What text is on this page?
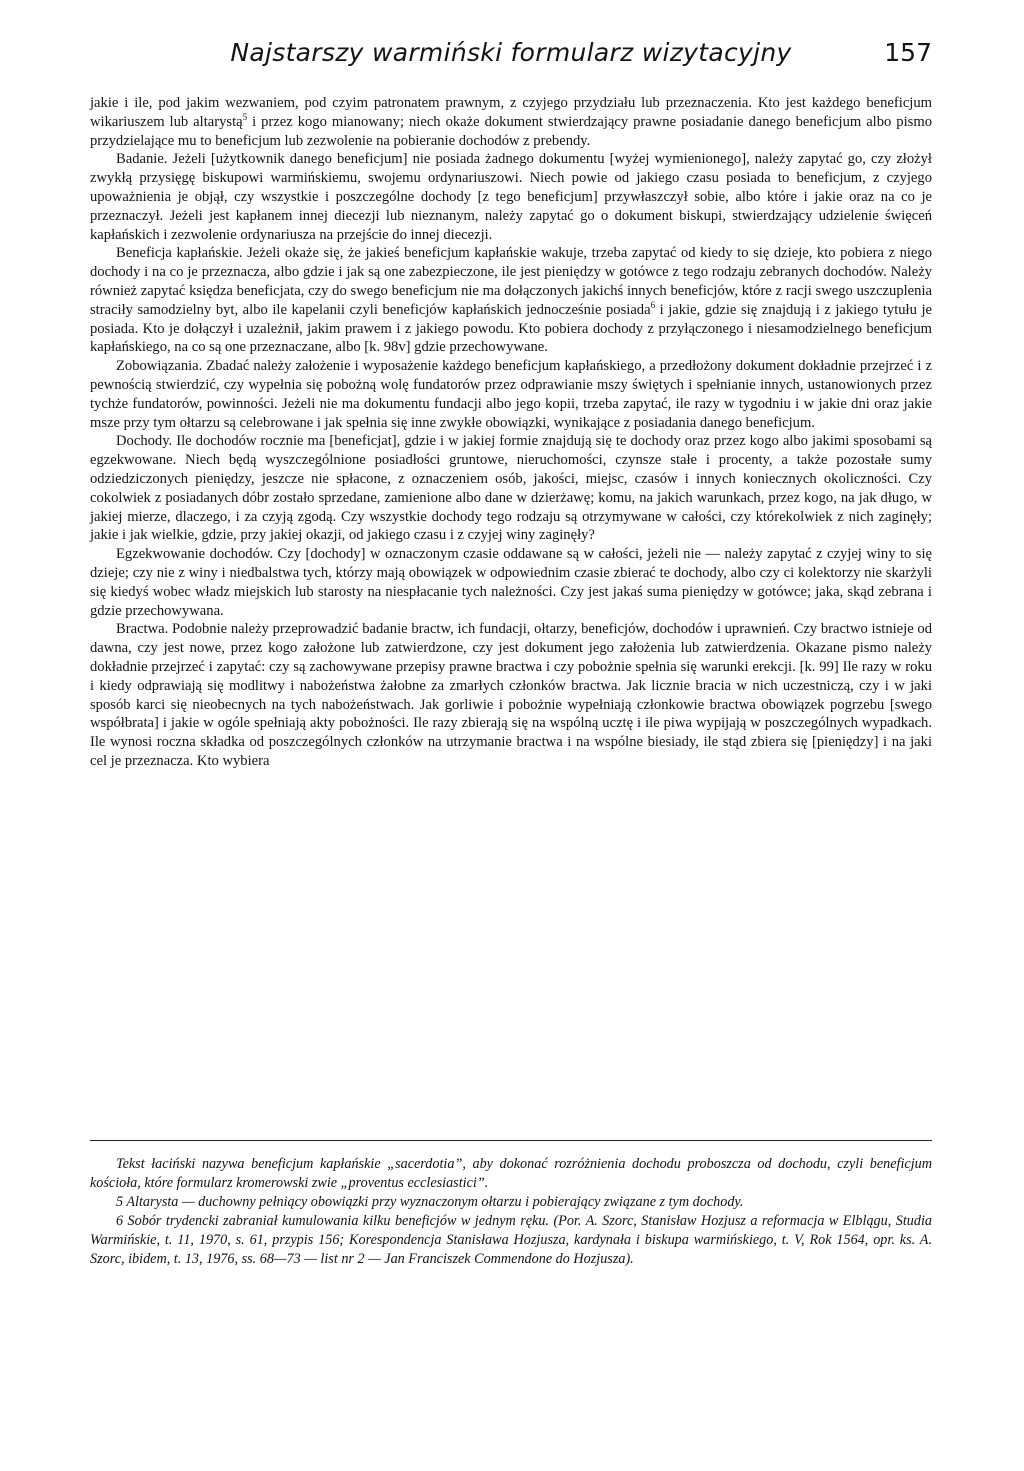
Najstarszy warmiński formularz wizytacyjny	157

jakie i ile, pod jakim wezwaniem, pod czyim patronatem prawnym, z czyjego przydziału lub przeznaczenia. Kto jest każdego beneficjum wikariuszem lub altarystą$^5$ i przez kogo mianowany; niech okaże dokument stwierdzający prawne posiadanie danego beneficjum albo pismo przydzielające mu to beneficjum lub zezwolenie na pobieranie dochodów z prebendy.

Badanie. Jeżeli [użytkownik danego beneficjum] nie posiada żadnego dokumentu [wyżej wymienionego], należy zapytać go, czy złożył zwykłą przysięgę biskupowi warmińskiemu, swojemu ordynariuszowi. Niech powie od jakiego czasu posiada to beneficjum, z czyjego upoważnienia je objął, czy wszystkie i poszczególne dochody [z tego beneficjum] przywłaszczył sobie, albo które i jakie oraz na co je przeznaczył. Jeżeli jest kapłanem innej diecezji lub nieznanym, należy zapytać go o dokument biskupi, stwierdzający udzielenie święceń kapłańskich i zezwolenie ordynariusza na przejście do innej diecezji.

Beneficja kapłańskie. Jeżeli okaże się, że jakieś beneficjum kapłańskie wakuje, trzeba zapytać od kiedy to się dzieje, kto pobiera z niego dochody i na co je przeznacza, albo gdzie i jak są one zabezpieczone, ile jest pieniędzy w gotówce z tego rodzaju zebranych dochodów. Należy również zapytać księdza beneficjata, czy do swego beneficjum nie ma dołączonych jakichś innych beneficjów, które z racji swego uszczuplenia straciły samodzielny byt, albo ile kapelanii czyli beneficjów kapłańskich jednocześnie posiada$^6$ i jakie, gdzie się znajdują i z jakiego tytułu je posiada. Kto je dołączył i uzależnił, jakim prawem i z jakiego powodu. Kto pobiera dochody z przyłączonego i niesamodzielnego beneficjum kapłańskiego, na co są one przeznaczane, albo [k. 98v] gdzie przechowywane.

Zobowiązania. Zbadać należy założenie i wyposażenie każdego beneficjum kapłańskiego, a przedłożony dokument dokładnie przejrzeć i z pewnością stwierdzić, czy wypełnia się pobożną wolę fundatorów przez odprawianie mszy świętych i spełnianie innych, ustanowionych przez tychże fundatorów, powinności. Jeżeli nie ma dokumentu fundacji albo jego kopii, trzeba zapytać, ile razy w tygodniu i w jakie dni oraz jakie msze przy tym ołtarzu są celebrowane i jak spełnia się inne zwykłe obowiązki, wynikające z posiadania danego beneficjum.

Dochody. Ile dochodów rocznie ma [beneficjat], gdzie i w jakiej formie znajdują się te dochody oraz przez kogo albo jakimi sposobami są egzekwowane. Niech będą wyszczególnione posiadłości gruntowe, nieruchomości, czynsze stałe i procenty, a także pozostałe sumy odziedziczonych pieniędzy, jeszcze nie spłacone, z oznaczeniem osób, jakości, miejsc, czasów i innych koniecznych okoliczności. Czy cokolwiek z posiadanych dóbr zostało sprzedane, zamienione albo dane w dzierżawę; komu, na jakich warunkach, przez kogo, na jak długo, w jakiej mierze, dlaczego, i za czyją zgodą. Czy wszystkie dochody tego rodzaju są otrzymywane w całości, czy którekolwiek z nich zaginęły; jakie i jak wielkie, gdzie, przy jakiej okazji, od jakiego czasu i z czyjej winy zaginęły?

Egzekwowanie dochodów. Czy [dochody] w oznaczonym czasie oddawane są w całości, jeżeli nie — należy zapytać z czyjej winy to się dzieje; czy nie z winy i niedbalstwa tych, którzy mają obowiązek w odpowiednim czasie zbierać te dochody, albo czy ci kolektorzy nie skarżyli się kiedyś wobec władz miejskich lub starosty na niespłacanie tych należności. Czy jest jakaś suma pieniędzy w gotówce; jaka, skąd zebrana i gdzie przechowywana.

Bractwa. Podobnie należy przeprowadzić badanie bractw, ich fundacji, ołtarzy, beneficjów, dochodów i uprawnień. Czy bractwo istnieje od dawna, czy jest nowe, przez kogo założone lub zatwierdzone, czy jest dokument jego założenia lub zatwierdzenia. Okazane pismo należy dokładnie przejrzeć i zapytać: czy są zachowywane przepisy prawne bractwa i czy pobożnie spełnia się warunki erekcji. [k. 99] Ile razy w roku i kiedy odprawiają się modlitwy i nabożeństwa żałobne za zmarłych członków bractwa. Jak licznie bracia w nich uczestniczą, czy i w jaki sposób karci się nieobecnych na tych nabożeństwach. Jak gorliwie i pobożnie wypełniają członkowie bractwa obowiązek pogrzebu [swego współbrata] i jakie w ogóle spełniają akty pobożności. Ile razy zbierają się na wspólną ucztę i ile piwa wypijają w poszczególnych wypadkach. Ile wynosi roczna składka od poszczególnych członków na utrzymanie bractwa i na wspólne biesiady, ile stąd zbiera się [pieniędzy] i na jaki cel je przeznacza. Kto wybiera

Tekst łaciński nazywa beneficjum kapłańskie „sacerdotia”, aby dokonać rozróżnienia dochodu proboszcza od dochodu, czyli beneficjum kościoła, które formularz kromerowski zwie „proventus ecclesiastici”.

5 Altarysta — duchowny pełniący obowiązki przy wyznaczonym ołtarzu i pobierający związane z tym dochody.

6 Sobór trydencki zabraniał kumulowania kilku beneficjów w jednym ręku. (Por. A. Szorc, Stanisław Hozjusz a reformacja w Elblągu, Studia Warmińskie, t. 11, 1970, s. 61, przypis 156; Korespondencja Stanisława Hozjusza, kardynała i biskupa warmińskiego, t. V, Rok 1564, opr. ks. A. Szorc, ibidem, t. 13, 1976, ss. 68—73 — list nr 2 — Jan Franciszek Commendone do Hozjusza).
